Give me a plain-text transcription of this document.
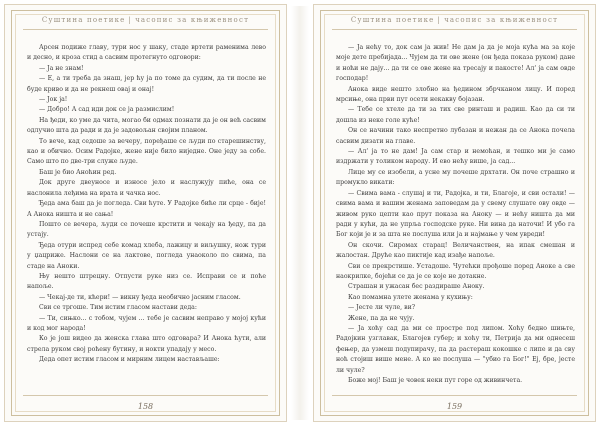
Суштина поетике | часопис за књижевност

Арсен подиже главу, тури нос у шаку, стаде вртети раменима лево и десно, и кроза стид а сасвим протегнуто одговори:

— Ја не знам!

— Е, а ти треба да знаш, јер ћу ја по томе да судим, да ти после не буде криво и да не рекнеш овај и онај!

— Јок ја!

— Добро! А сад иди док се ја размислим!

На ђеди, ко уме да чита, могао би одмах познати да је он већ сасвим одлучио шта да ради и да је задовољан својим планом.

То вече, кад седоше за вечеру, поређаше се људи по старешинству, као и обично. Осим Радојке, жене није било ниједне. Оне једу за собе. Само што по две-три служе људе.

Баш је био Аноћин ред.

Док друге двеуносе и износе јело и наслужују пиће, она се наслонила леђима на врата и чачка нос.

Ђеда ама баш да је погледа. Сви ћуте. У Радојке биће ли срце - бије! А Анока ништа и не сања!

Пошто се вечера, људи се почеше крстити и чекају на ђеду, па да устају.

Ђеда отури испред себе комад хлеба, лажицу и виљушку, нож тури у џацриже. Наслони се на лактове, погледа унаоколо по свима, па стаде на Аноки.

Њу нешто штрецну. Отпусти руке низ се. Исправи се и поће напоље.

— Чекај-де ти, кћери! — викну ђеда необично јасним гласом.

Сви се тргоше. Тим истим гласом настави деда:

— Ти, сињко... с тобом, чујем ... тебе је сасвим неправо у мојој кући и код мог народа!

Ко је још видео да женска глава што одговара? И Анока ћути, али стрела руком свој роћену бутину, и нокти упадају у месо.

Деда опет истим гласом и мирним лицем настављаше:

158
Суштина поетике | часопис за књижевност

— Ја нећу то, док сам ја жив! Не дам ја да је моја кућа ма за које моје дете пребијада... Чујем да ти ове жене (он ђеда показа руком) дане и ноћи не дају... да ти се ове жене на тресају и пакосте! Ал' ја сам овде господар!

Анока виде нешто злобно на ђедином збрчканом лицу. И поред мрсиње, она први пут осети некакву бојазан.

— Тебе се хтеле да ти за тих све ринташ и радиш. Као да си ти дошла из неке голе куће!

Он се начини тако неспретно лубазан и нежан да се Анока почела сасвим дизати на главе.

— Ал' ја то не дам! Ја сам стар и немоћан, и тешко ми је само издржати у толиком народу. И ево нећу више, ја сад...

Лице му се изобели, а усне му почеше дрхтати. Он поче страшно и промукло викати:

— Свима вама - слушај и ти, Радојка, и ти, Благоје, и сви остали! — свима вама и вашим женама заповедам да у свему слушате ову овде — живом руко цепти као прут показа на Аноку — и нећу ништа да ми ради у кући, да не упрља господске руке. Ни вина да наточи! И убо га Бог који је и за шта не послуша или ја и најмање у чем увреди!

Он скочи. Сиромах старац! Величанствен, на ипак смешан и жалостан. Друће као пиктије кад изађе напоље.

Сви се прекрстише. Устадоше. Чутећки прођоше поред Аноке а све наокрилке, бојећи се да је се које не дотакне.

Страшан и ужасан бес раздираше Аноку.

Као помамна улете женама у кухињу:

— Јесте ли чуле, ви?

Жене, па да не чују.

— Ја хоћу сад да ми се простре под липом. Хоћу бедно шињте, Радојкин узглавак, Благојев губер; и хоћу ти, Петрија да ми однесеш фењер, да узмеш подупирачу, па да растераш кокошке с липе и да сву ноћ стојиш више мене. А ко не послуша — "убио га Бог!" Еј, бре, јесте ли чуле?

Боже мој! Баш је човек неки пут горе од живинчета.

159
